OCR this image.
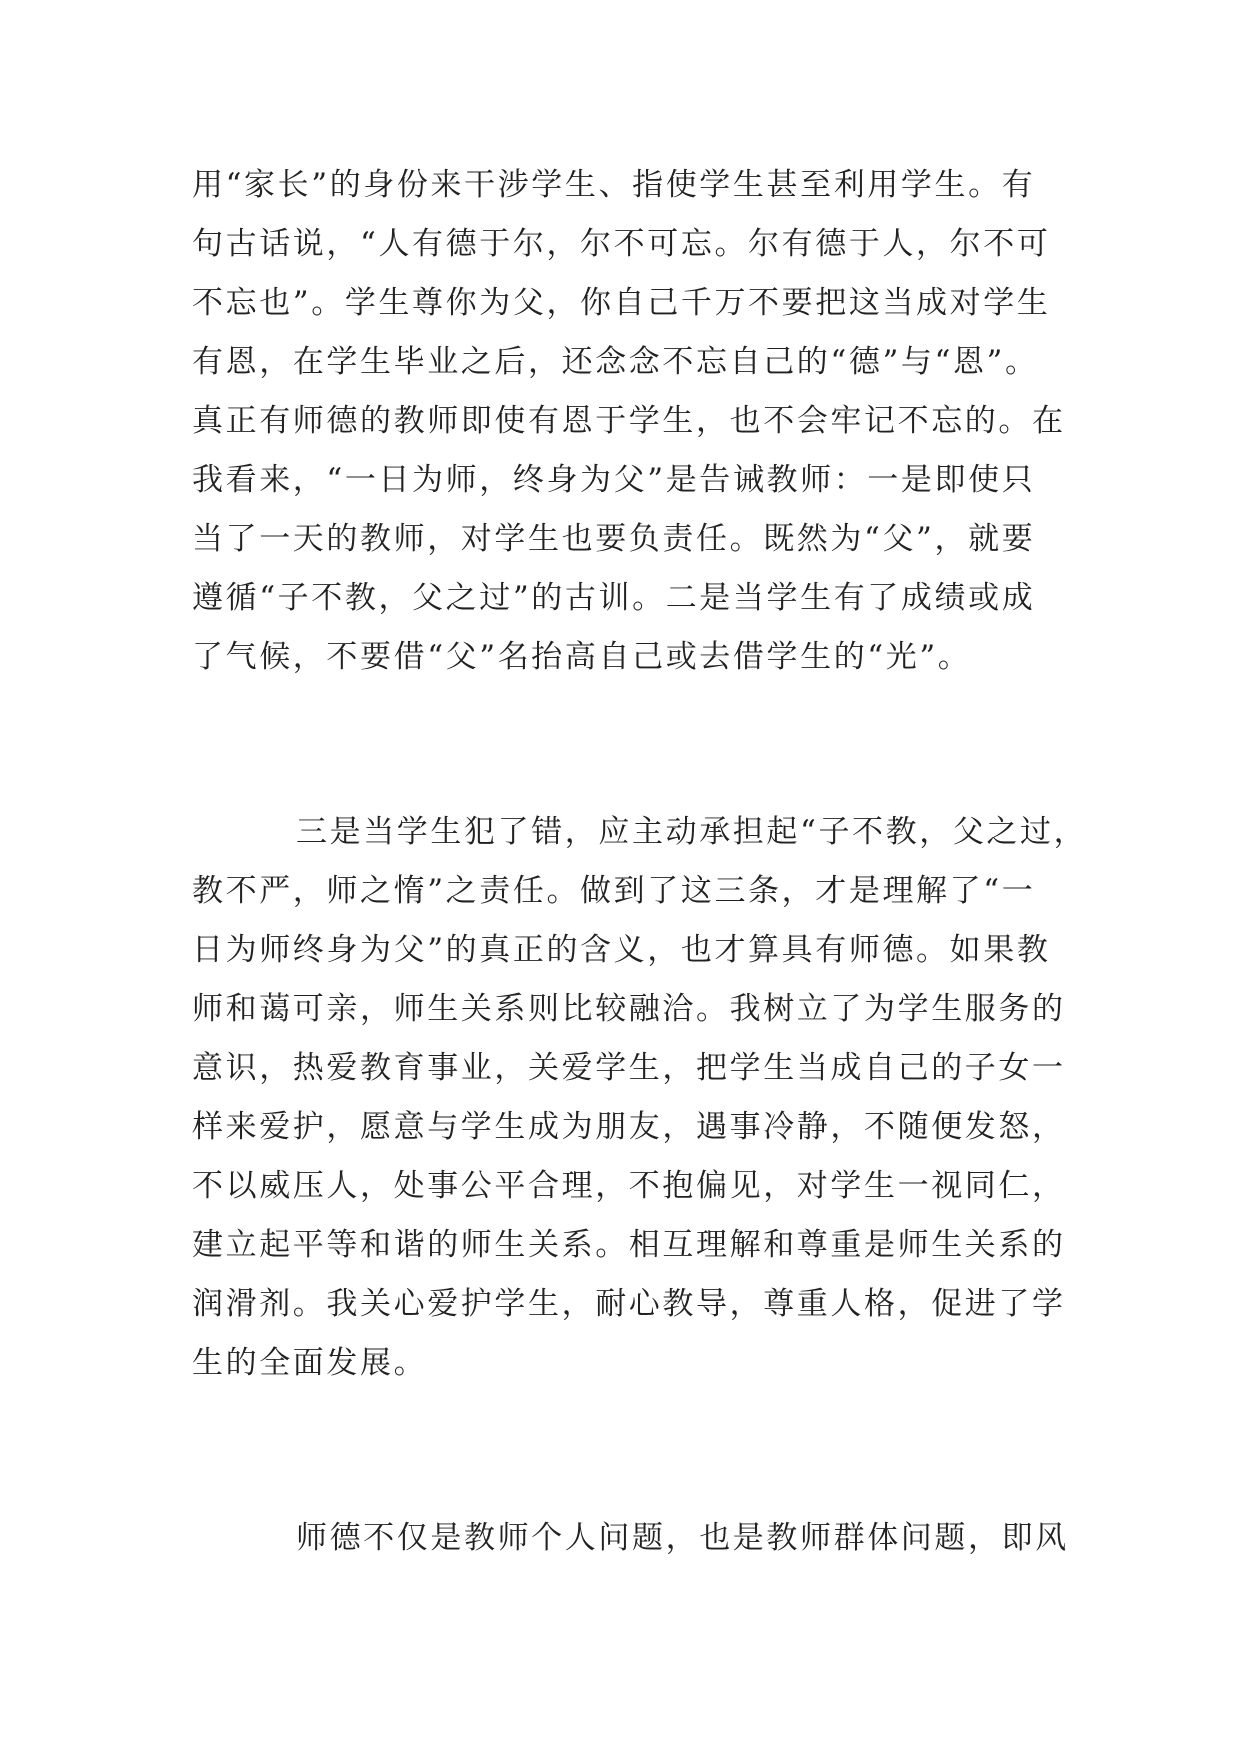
用“家长”的身份来干涉学生、指使学生甚至利用学生。有

句古话说，“人有德于尔，尔不可忘。尔有德于人，尔不可

不忘也”。学生尊你为父，你自己千万不要把这当成对学生

有恩，在学生毕业之后，还念念不忘自己的“德”与“恩”。

真正有师德的教师即使有恩于学生，也不会牢记不忘的。在

我看来，“一日为师，终身为父”是告诫教师：一是即使只

当了一天的教师，对学生也要负责任。既然为“父”，就要

遵循“子不教，父之过”的古训。二是当学生有了成绩或成

了气候，不要借“父”名抬高自己或去借学生的“光”。

三是当学生犯了错，应主动承担起“子不教，父之过，

教不严，师之惰”之责任。做到了这三条，才是理解了“一

日为师终身为父”的真正的含义，也才算具有师德。如果教

师和蔼可亲，师生关系则比较融洽。我树立了为学生服务的

意识，热爱教育事业，关爱学生，把学生当成自己的子女一

样来爱护，愿意与学生成为朋友，遇事冷静，不随便发怒，

不以威压人，处事公平合理，不抱偏见，对学生一视同仁，

建立起平等和谐的师生关系。相互理解和尊重是师生关系的

润滑剂。我关心爱护学生，耐心教导，尊重人格，促进了学

生的全面发展。

师德不仅是教师个人问题，也是教师群体问题，即风
